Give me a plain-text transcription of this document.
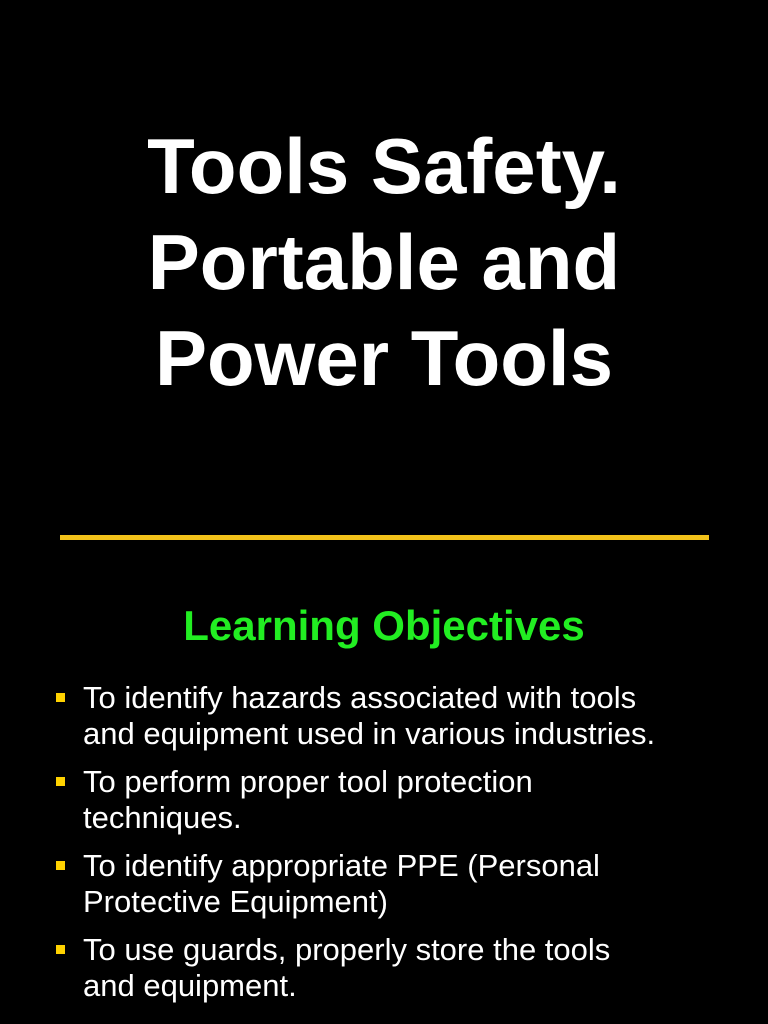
Tools Safety.
Portable and
Power Tools
Learning Objectives
To identify hazards associated with tools
and equipment used in various industries.
To perform proper tool protection
techniques.
To identify appropriate PPE (Personal
Protective Equipment)
To use guards, properly store the tools
and equipment.
